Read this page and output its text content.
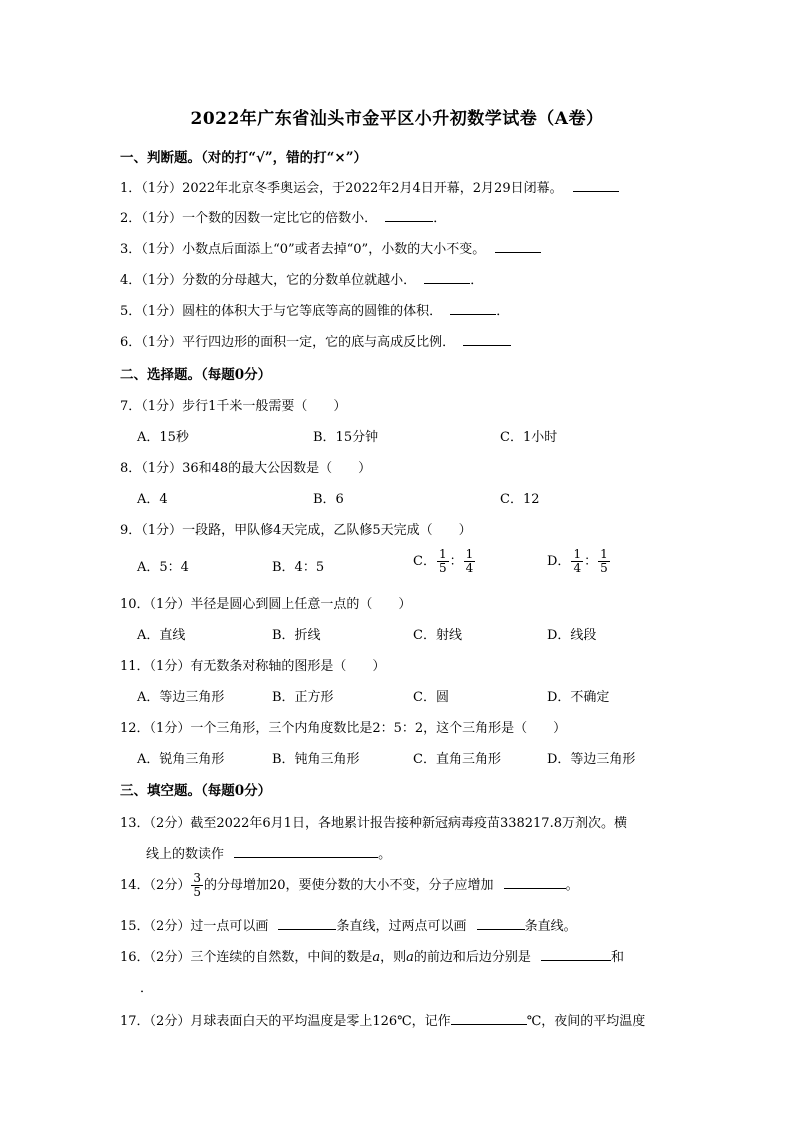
2022年广东省汕头市金平区小升初数学试卷（A卷）
一、判断题。（对的打“√”，错的打“×”）
1．（1分）2022年北京冬季奥运会，于2022年2月4日开幕，2月29日闭幕。
2．（1分）一个数的因数一定比它的倍数小．	．
3．（1分）小数点后面添上“0”或者去掉“0”，小数的大小不变。
4．（1分）分数的分母越大，它的分数单位就越小．	．
5．（1分）圆柱的体积大于与它等底等高的圆锥的体积．	．
6．（1分）平行四边形的面积一定，它的底与高成反比例．
二、选择题。（每题0分）
7．（1分）步行1千米一般需要（　　）
A．15秒	B．15分钟	C．1小时
8．（1分）36和48的最大公因数是（　　）
A．4	B．6	C．12
9．（1分）一段路，甲队修4天完成，乙队修5天完成（　　）
A．5：4	B．4：5	C． $\frac{1}{5}$ ： $\frac{1}{4}$	D． $\frac{1}{4}$ ： $\frac{1}{5}$
10．（1分）半径是圆心到圆上任意一点的（　　）
A．直线	B．折线	C．射线	D．线段
11．（1分）有无数条对称轴的图形是（　　）
A．等边三角形	B．正方形	C．圆	D．不确定
12．（1分）一个三角形，三个内角度数比是2：5：2，这个三角形是（　　）
A．锐角三角形	B．钝角三角形	C．直角三角形	D．等边三角形
三、填空题。（每题0分）
13．（2分）截至2022年6月1日，各地累计报告接种新冠病毒疫苗338217.8万剂次。横
线上的数读作	。
14．（2分） $\frac{3}{5}$ 的分母增加20，要使分数的大小不变，分子应增加	。
15．（2分）过一点可以画	条直线，过两点可以画	条直线。
16．（2分）三个连续的自然数，中间的数是a，则a的前边和后边分别是	和
．
17．（2分）月球表面白天的平均温度是零上126℃，记作	℃，夜间的平均温度
